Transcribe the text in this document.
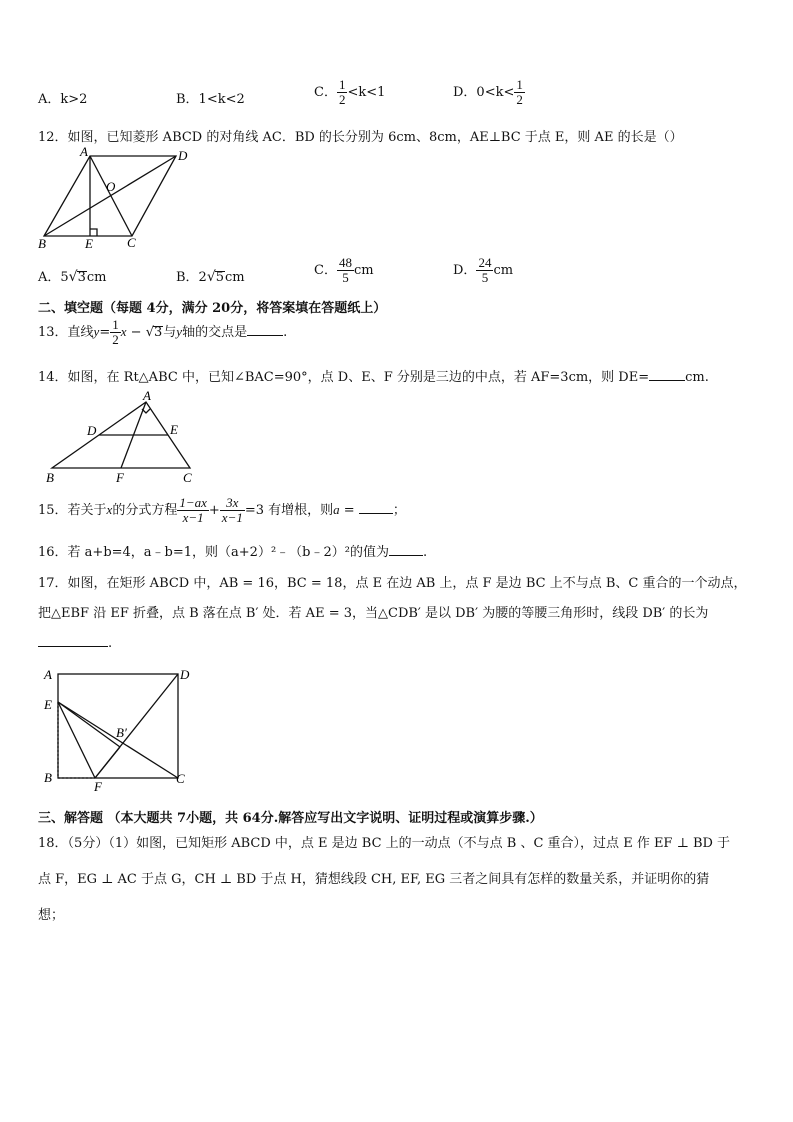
A．k>2	B．1<k<2	C． $\frac{1}{2} <k<1$	D．$0<k< \frac{1}{2}$
12．如图，已知菱形 ABCD 的对角线 AC．BD 的长分别为 6cm、8cm，AE⊥BC 于点 E，则 AE 的长是（）
A	D
O
B	E	C
A．5√3cm	B．2√5cm	C． $\frac{48}{5}$ cm	D． $\frac{24}{5}$ cm
二、填空题（每题 4分，满分 20分，将答案填在答题纸上）
13．直线$y= \frac{1}{2}$ x − √3与y轴的交点是	.
14．如图，在 Rt△ABC 中，已知∠BAC=90°，点 D、E、F 分别是三边的中点，若 AF=3cm，则 DE=	cm.
A
D	E
B	F	C
15．若关于x的分式方程 $\frac{1-ax}{x-1} + \frac{3x}{x-1} =3$ 有增根，则a =	；
16．若 a+b=4，a﹣b=1，则（a+2）²﹣（b﹣2）²的值为	.
17．如图，在矩形 ABCD 中，AB = 16，BC = 18，点 E 在边 AB 上，点 F 是边 BC 上不与点 B、C 重合的一个动点，
把△EBF 沿 EF 折叠，点 B 落在点 B′ 处．若 AE = 3，当△CDB′ 是以 DB′ 为腰的等腰三角形时，线段 DB′ 的长为
.
A	D
E
B′
B
F
C
三、解答题 （本大题共 7小题，共 64分.解答应写出文字说明、证明过程或演算步骤.）
18．（5分）（1）如图，已知矩形 ABCD 中，点 E 是边 BC 上的一动点（不与点 B 、C 重合），过点 E 作 EF ⊥ BD 于
点 F，EG ⊥ AC 于点 G，CH ⊥ BD 于点 H，猜想线段 CH, EF, EG 三者之间具有怎样的数量关系，并证明你的猜
想；
